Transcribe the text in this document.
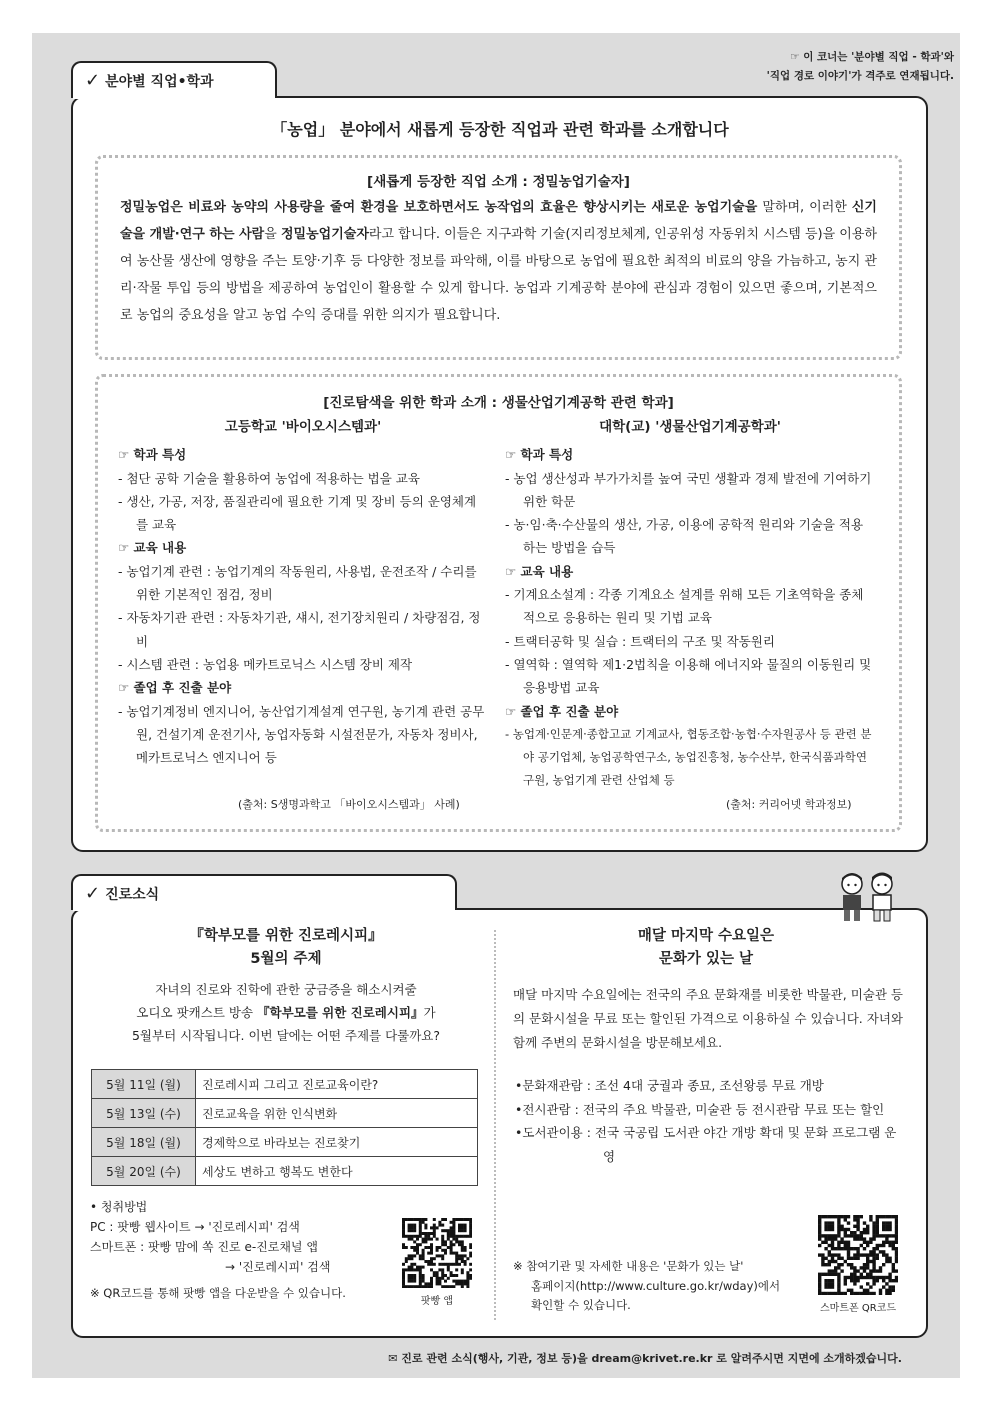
✓ 분야별 직업•학과
☞ 이 코너는 '분야별 직업 - 학과'와
'직업 경로 이야기'가 격주로 연재됩니다.
「농업」 분야에서 새롭게 등장한 직업과 관련 학과를 소개합니다
[새롭게 등장한 직업 소개 : 정밀농업기술자]
정밀농업은 비료와 농약의 사용량을 줄여 환경을 보호하면서도 농작업의 효율은 향상시키는 새로운 농업기술을 말하며, 이러한 신기술을 개발·연구 하는 사람을 정밀농업기술자라고 합니다. 이들은 지구과학 기술(지리정보체계, 인공위성 자동위치 시스템 등)을 이용하여 농산물 생산에 영향을 주는 토양·기후 등 다양한 정보를 파악해, 이를 바탕으로 농업에 필요한 최적의 비료의 양을 가늠하고, 농지 관리·작물 투입 등의 방법을 제공하여 농업인이 활용할 수 있게 합니다. 농업과 기계공학 분야에 관심과 경험이 있으면 좋으며, 기본적으로 농업의 중요성을 알고 농업 수익 증대를 위한 의지가 필요합니다.
[진로탐색을 위한 학과 소개 : 생물산업기계공학 관련 학과]
고등학교 '바이오시스템과'
☞ 학과 특성
- 첨단 공학 기술을 활용하여 농업에 적용하는 법을 교육
- 생산, 가공, 저장, 품질관리에 필요한 기계 및 장비 등의 운영체계를 교육
☞ 교육 내용
- 농업기계 관련 : 농업기계의 작동원리, 사용법, 운전조작 / 수리를 위한 기본적인 점검, 정비
- 자동차기관 관련 : 자동차기관, 섀시, 전기장치원리 / 차량점검, 정비
- 시스템 관련 : 농업용 메카트로닉스 시스템 장비 제작
☞ 졸업 후 진출 분야
- 농업기계정비 엔지니어, 농산업기계설계 연구원, 농기계 관련 공무원, 건설기계 운전기사, 농업자동화 시설전문가, 자동차 정비사, 메카트로닉스 엔지니어 등
(출처: S생명과학고 「바이오시스템과」 사례)
대학(교) '생물산업기계공학과'
☞ 학과 특성
- 농업 생산성과 부가가치를 높여 국민 생활과 경제 발전에 기여하기 위한 학문
- 농·임·축·수산물의 생산, 가공, 이용에 공학적 원리와 기술을 적용하는 방법을 습득
☞ 교육 내용
- 기계요소설계 : 각종 기계요소 설계를 위해 모든 기초역학을 종체적으로 응용하는 원리 및 기법 교육
- 트랙터공학 및 실습 : 트랙터의 구조 및 작동원리
- 열역학 : 열역학 제1·2법칙을 이용해 에너지와 물질의 이동원리 및 응용방법 교육
☞ 졸업 후 진출 분야
- 농업계·인문계·종합고교 기계교사, 협동조합·농협·수자원공사 등 관련 분야 공기업체, 농업공학연구소, 농업진흥청, 농수산부, 한국식품과학연구원, 농업기계 관련 산업체 등
(출처: 커리어넷 학과정보)
✓ 진로소식
『학부모를 위한 진로레시피』
5월의 주제
자녀의 진로와 진학에 관한 궁금증을 해소시켜줄
오디오 팟캐스트 방송 『학부모를 위한 진로레시피』가
5월부터 시작됩니다. 이번 달에는 어떤 주제를 다룰까요?
5월 11일 (월)	진로레시피 그리고 진로교육이란?
5월 13일 (수)	진로교육을 위한 인식변화
5월 18일 (월)	경제학으로 바라보는 진로찾기
5월 20일 (수)	세상도 변하고 행복도 변한다
• 청취방법
PC : 팟빵 웹사이트 → '진로레시피' 검색
스마트폰 : 팟빵 맘에 쏙 진로 e-진로채널 앱
→ '진로레시피' 검색
※ QR코드를 통해 팟빵 앱을 다운받을 수 있습니다.
팟빵 앱
매달 마지막 수요일은
문화가 있는 날
매달 마지막 수요일에는 전국의 주요 문화재를 비롯한 박물관, 미술관 등의 문화시설을 무료 또는 할인된 가격으로 이용하실 수 있습니다. 자녀와 함께 주변의 문화시설을 방문해보세요.
•문화재관람 : 조선 4대 궁궐과 종묘, 조선왕릉 무료 개방
•전시관람 : 전국의 주요 박물관, 미술관 등 전시관람 무료 또는 할인
•도서관이용 : 전국 국공립 도서관 야간 개방 확대 및 문화 프로그램 운영
※ 참여기관 및 자세한 내용은 '문화가 있는 날'
홈페이지(http://www.culture.go.kr/wday)에서
확인할 수 있습니다.	스마트폰 QR코드
✉ 진로 관련 소식(행사, 기관, 정보 등)을 dream@krivet.re.kr 로 알려주시면 지면에 소개하겠습니다.
